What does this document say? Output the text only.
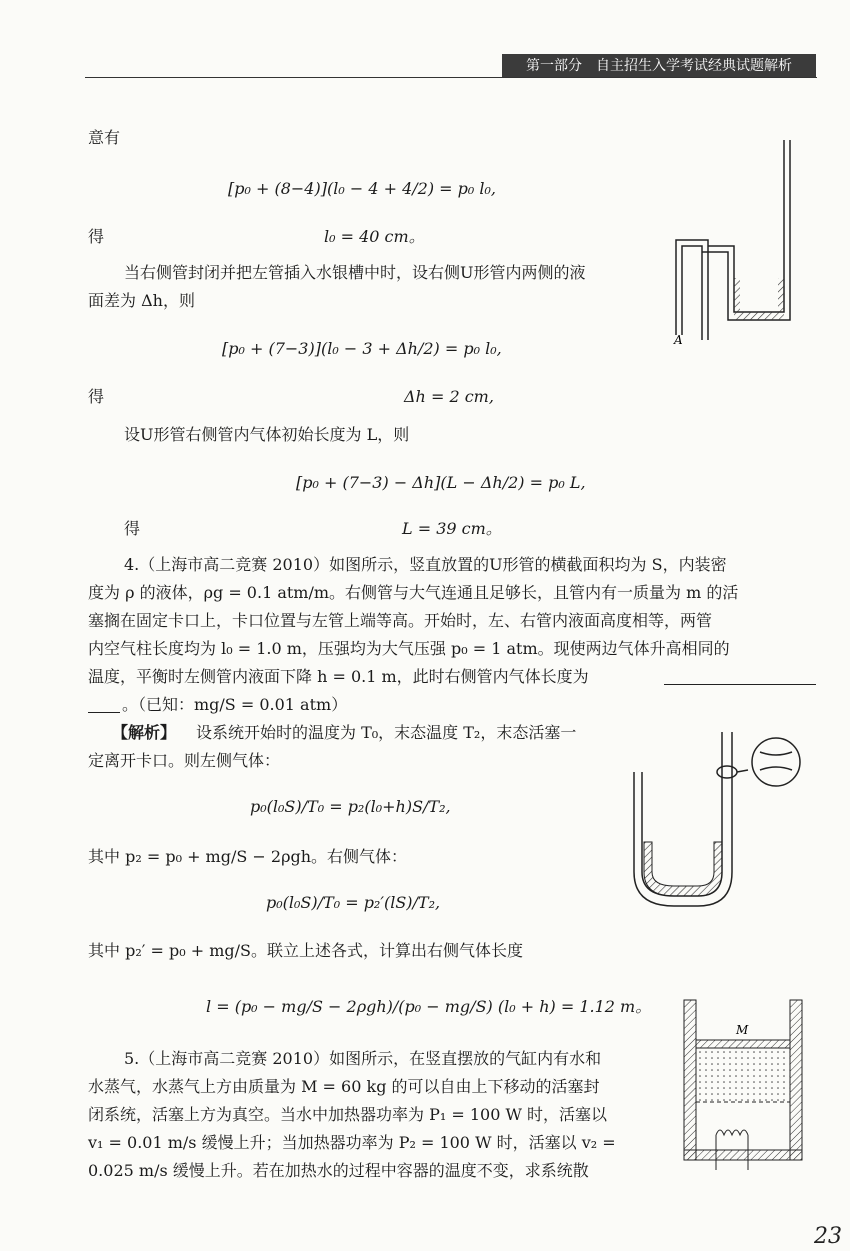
第一部分　自主招生入学考试经典试题解析
意有
[p₀ + (8−4)](l₀ − 4 + 4/2) = p₀ l₀,
得	l₀ = 40 cm。
当右侧管封闭并把左管插入水银槽中时，设右侧U形管内两侧的液
面差为 Δh，则
[p₀ + (7−3)](l₀ − 3 + Δh/2) = p₀ l₀,
得	Δh = 2 cm,
设U形管右侧管内气体初始长度为 L，则
[p₀ + (7−3) − Δh](L − Δh/2) = p₀ L,
得	L = 39 cm。
4.（上海市高二竞赛 2010）如图所示，竖直放置的U形管的横截面积均为 S，内装密
度为 ρ 的液体，ρg = 0.1 atm/m。右侧管与大气连通且足够长，且管内有一质量为 m 的活
塞搁在固定卡口上，卡口位置与左管上端等高。开始时，左、右管内液面高度相等，两管
内空气柱长度均为 l₀ = 1.0 m，压强均为大气压强 p₀ = 1 atm。现使两边气体升高相同的
温度，平衡时左侧管内液面下降 h = 0.1 m，此时右侧管内气体长度为
。（已知：mg/S = 0.01 atm）
【解析】 设系统开始时的温度为 T₀，末态温度 T₂，末态活塞一
定离开卡口。则左侧气体：
p₀(l₀S)/T₀ = p₂(l₀+h)S/T₂,
其中 p₂ = p₀ + mg/S − 2ρgh。右侧气体：
p₀(l₀S)/T₀ = p₂′(lS)/T₂,
其中 p₂′ = p₀ + mg/S。联立上述各式，计算出右侧气体长度
l = (p₀ − mg/S − 2ρgh)/(p₀ − mg/S) (l₀ + h) = 1.12 m。
5.（上海市高二竞赛 2010）如图所示，在竖直摆放的气缸内有水和
水蒸气，水蒸气上方由质量为 M = 60 kg 的可以自由上下移动的活塞封
闭系统，活塞上方为真空。当水中加热器功率为 P₁ = 100 W 时，活塞以
v₁ = 0.01 m/s 缓慢上升；当加热器功率为 P₂ = 100 W 时，活塞以 v₂ =
0.025 m/s 缓慢上升。若在加热水的过程中容器的温度不变，求系统散
A
M
23
